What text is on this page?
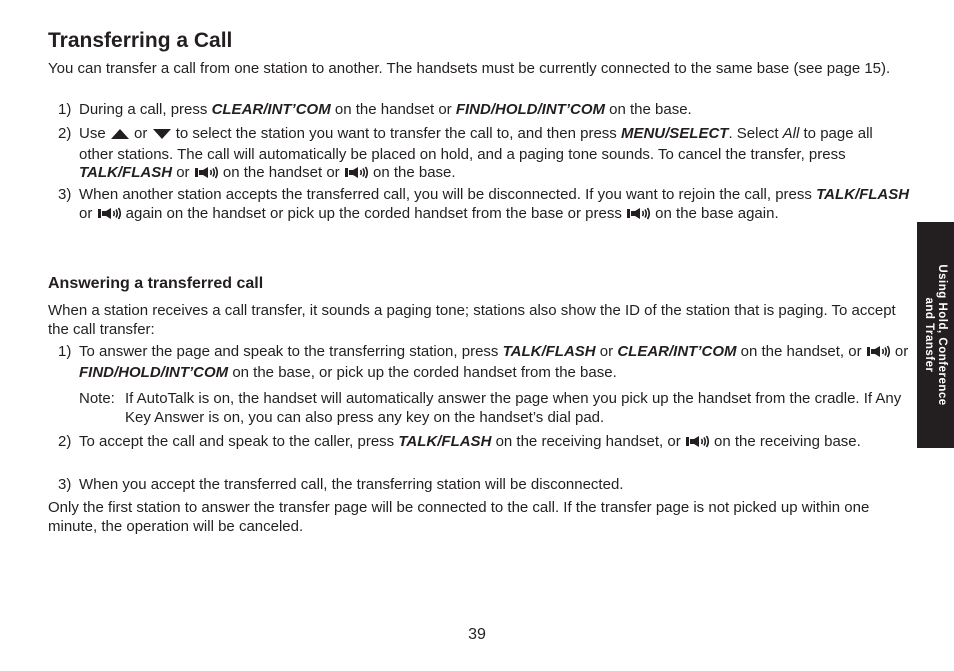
Transferring a Call

You can transfer a call from one station to another. The handsets must be currently connected to the same base (see page 15).

1) During a call, press CLEAR/INT’COM on the handset or FIND/HOLD/INT’COM on the base.
2) Use  or  to select the station you want to transfer the call to, and then press MENU/SELECT. Select All to page all other stations. The call will automatically be placed on hold, and a paging tone sounds. To cancel the transfer, press TALK/FLASH or  on the handset or  on the base.
3) When another station accepts the transferred call, you will be disconnected. If you want to rejoin the call, press TALK/FLASH or  again on the handset or pick up the corded handset from the base or press  on the base again.
Answering a transferred call

When a station receives a call transfer, it sounds a paging tone; stations also show the ID of the station that is paging. To accept the call transfer:

1) To answer the page and speak to the transferring station, press TALK/FLASH or CLEAR/INT’COM on the handset, or  or FIND/HOLD/INT’COM on the base, or pick up the corded handset from the base.
Note: If AutoTalk is on, the handset will automatically answer the page when you pick up the handset from the cradle. If Any Key Answer is on, you can also press any key on the handset’s dial pad.
2) To accept the call and speak to the caller, press TALK/FLASH on the receiving handset, or  on the receiving base.
3) When you accept the transferred call, the transferring station will be disconnected.

Only the first station to answer the transfer page will be connected to the call. If the transfer page is not picked up within one minute, the operation will be canceled.

Using Hold, Conference
and Transfer
39
